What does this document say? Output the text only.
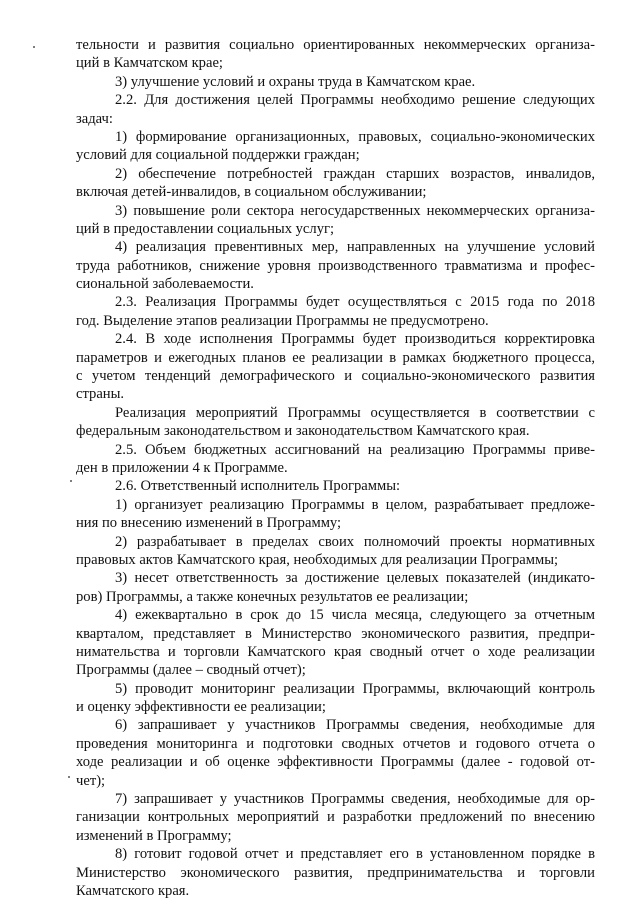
тельности и развития социально ориентированных некоммерческих организа-
ций в Камчатском крае;
3) улучшение условий и охраны труда в Камчатском крае.
2.2. Для достижения целей Программы необходимо решение следующих
задач:
1) формирование организационных, правовых, социально-экономических
условий для социальной поддержки граждан;
2) обеспечение потребностей граждан старших возрастов, инвалидов,
включая детей-инвалидов, в социальном обслуживании;
3) повышение роли сектора негосударственных некоммерческих организа-
ций в предоставлении социальных услуг;
4) реализация превентивных мер, направленных на улучшение условий
труда работников, снижение уровня производственного травматизма и профес-
сиональной заболеваемости.
2.3. Реализация Программы будет осуществляться с 2015 года по 2018
год. Выделение этапов реализации Программы не предусмотрено.
2.4. В ходе исполнения Программы будет производиться корректировка
параметров и ежегодных планов ее реализации в рамках бюджетного процесса,
с учетом тенденций демографического и социально-экономического развития
страны.
Реализация мероприятий Программы осуществляется в соответствии с
федеральным законодательством и законодательством Камчатского края.
2.5. Объем бюджетных ассигнований на реализацию Программы приве-
ден в приложении 4 к Программе.
2.6. Ответственный исполнитель Программы:
1) организует реализацию Программы в целом, разрабатывает предложе-
ния по внесению изменений в Программу;
2) разрабатывает в пределах своих полномочий проекты нормативных
правовых актов Камчатского края, необходимых для реализации Программы;
3) несет ответственность за достижение целевых показателей (индикато-
ров) Программы, а также конечных результатов ее реализации;
4) ежеквартально в срок до 15 числа месяца, следующего за отчетным
кварталом, представляет в Министерство экономического развития, предпри-
нимательства и торговли Камчатского края сводный отчет о ходе реализации
Программы (далее – сводный отчет);
5) проводит мониторинг реализации Программы, включающий контроль
и оценку эффективности ее реализации;
6) запрашивает у участников Программы сведения, необходимые для
проведения мониторинга и подготовки сводных отчетов и годового отчета о
ходе реализации и об оценке эффективности Программы (далее - годовой от-
чет);
7) запрашивает у участников Программы сведения, необходимые для ор-
ганизации контрольных мероприятий и разработки предложений по внесению
изменений в Программу;
8) готовит годовой отчет и представляет его в установленном порядке в
Министерство экономического развития, предпринимательства и торговли
Камчатского края.
